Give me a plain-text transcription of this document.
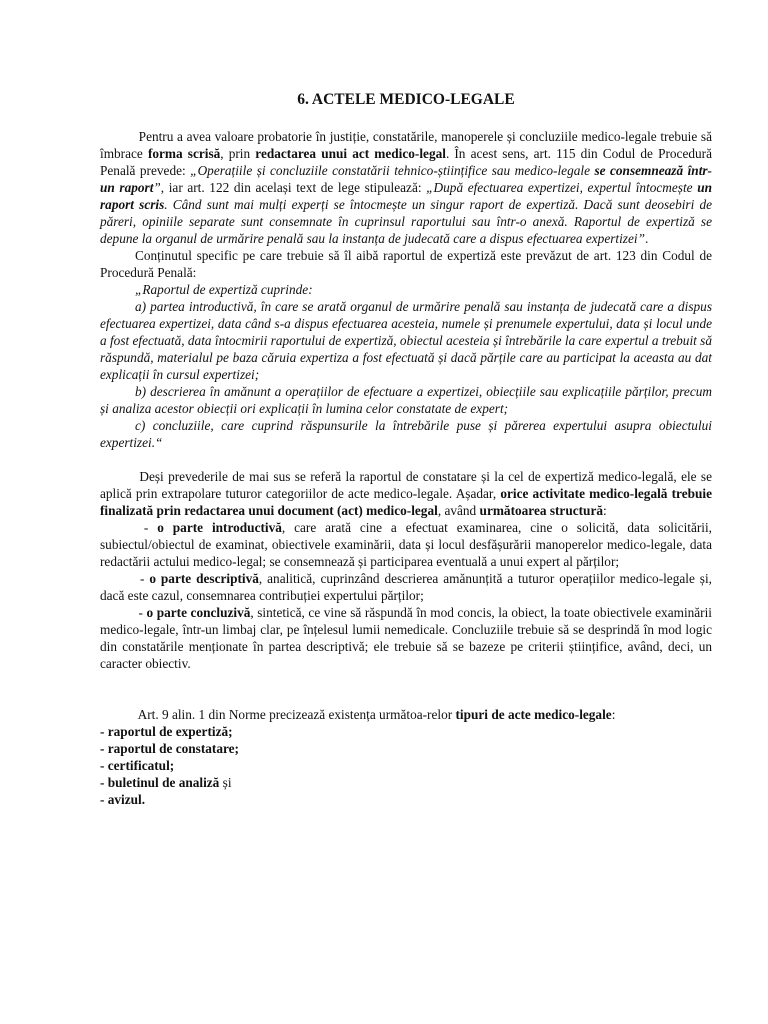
6. ACTELE MEDICO-LEGALE

Pentru a avea valoare probatorie în justiție, constatările, manoperele și concluziile medico-legale trebuie să îmbrace forma scrisă, prin redactarea unui act medico-legal. În acest sens, art. 115 din Codul de Procedură Penală prevede: „Operațiile și concluziile constatării tehnico-științifice sau medico-legale se consemnează într-un raport”, iar art. 122 din același text de lege stipulează: „După efectuarea expertizei, expertul întocmește un raport scris. Când sunt mai mulți experți se întocmește un singur raport de expertiză. Dacă sunt deosebiri de păreri, opiniile separate sunt consemnate în cuprinsul raportului sau într-o anexă. Raportul de expertiză se depune la organul de urmărire penală sau la instanța de judecată care a dispus efectuarea expertizei”.

Conținutul specific pe care trebuie să îl aibă raportul de expertiză este prevăzut de art. 123 din Codul de Procedură Penală:

„Raportul de expertiză cuprinde:

a) partea introductivă, în care se arată organul de urmărire penală sau instanța de judecată care a dispus efectuarea expertizei, data când s-a dispus efectuarea acesteia, numele și prenumele expertului, data și locul unde a fost efectuată, data întocmirii raportului de expertiză, obiectul acesteia și întrebările la care expertul a trebuit să răspundă, materialul pe baza căruia expertiza a fost efectuată și dacă părțile care au participat la aceasta au dat explicații în cursul expertizei;

b) descrierea în amănunt a operațiilor de efectuare a expertizei, obiecțiile sau explicațiile părților, precum și analiza acestor obiecții ori explicații în lumina celor constatate de expert;

c) concluziile, care cuprind răspunsurile la întrebările puse și părerea expertului asupra obiectului expertizei.“

Deși prevederile de mai sus se referă la raportul de constatare și la cel de expertiză medico-legală, ele se aplică prin extrapolare tuturor categoriilor de acte medico-legale. Așadar, orice activitate medico-legală trebuie finalizată prin redactarea unui document (act) medico-legal, având următoarea structură:

- o parte introductivă, care arată cine a efectuat examinarea, cine o solicită, data solicitării, subiectul/obiectul de examinat, obiectivele examinării, data și locul desfășurării manoperelor medico-legale, data redactării actului medico-legal; se consemnează și participarea eventuală a unui expert al părților;

- o parte descriptivă, analitică, cuprinzând descrierea amănunțită a tuturor operațiilor medico-legale și, dacă este cazul, consemnarea contribuției expertului părților;

- o parte concluzivă, sintetică, ce vine să răspundă în mod concis, la obiect, la toate obiectivele examinării medico-legale, într-un limbaj clar, pe înțelesul lumii nemedicale. Concluziile trebuie să se desprindă în mod logic din constatările menționate în partea descriptivă; ele trebuie să se bazeze pe criterii științifice, având, deci, un caracter obiectiv.

Art. 9 alin. 1 din Norme precizează existența următoa-relor tipuri de acte medico-legale:

- raportul de expertiză;
- raportul de constatare;
- certificatul;
- buletinul de analiză și
- avizul.
